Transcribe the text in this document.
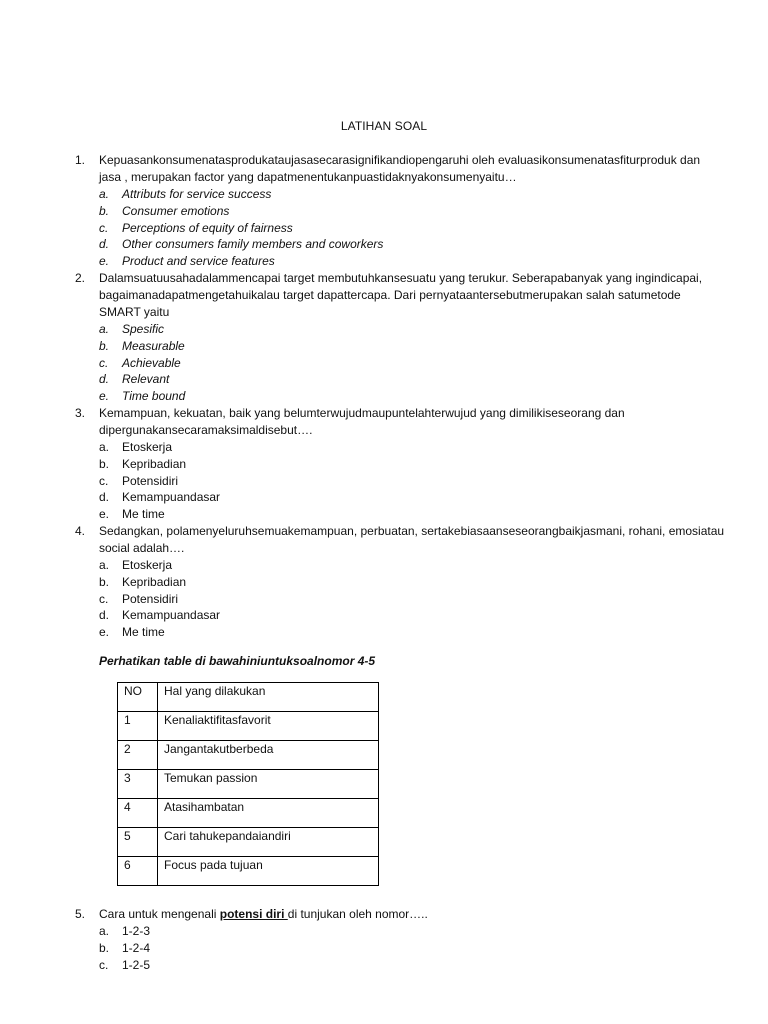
LATIHAN SOAL
1. Kepuasankonsumenatasprodukataujasasecarasignifikandiopengaruhi oleh evaluasikonsumenatasfiturproduk dan jasa , merupakan factor yang dapatmenentukanpuastidaknyakonsumenyaitu…
a. Attributs for service success
b. Consumer emotions
c. Perceptions of equity of fairness
d. Other consumers family members and coworkers
e. Product and service features
2. Dalamsuatuusahadalammencapai target membutuhkansesuatu yang terukur. Seberapabanyak yang ingindicapai, bagaimanadapatmengetahuikalau target dapattercapa. Dari pernyataantersebutmerupakan salah satumetode SMART yaitu
a. Spesific
b. Measurable
c. Achievable
d. Relevant
e. Time bound
3. Kemampuan, kekuatan, baik yang belumterwujudmaupuntelahterwujud yang dimilikiseseorang dan dipergunakansecaramaksimaldisebut….
a. Etoskerja
b. Kepribadian
c. Potensidiri
d. Kemampuandasar
e. Me time
4. Sedangkan, polamenyeluruhsemuakemampuan, perbuatan, sertakebiasaanseseorangbaikjasmani, rohani, emosiatau social adalah….
a. Etoskerja
b. Kepribadian
c. Potensidiri
d. Kemampuandasar
e. Me time
Perhatikan table di bawahiniuntuksoalnomor 4-5
NO	Hal yang dilakukan
1	Kenaliaktifitasfavorit
2	Jangantakutberbeda
3	Temukan passion
4	Atasihambatan
5	Cari tahukepandaiandiri
6	Focus pada tujuan
5. Cara untuk mengenali potensi diri di tunjukan oleh nomor…..
a. 1-2-3
b. 1-2-4
c. 1-2-5
